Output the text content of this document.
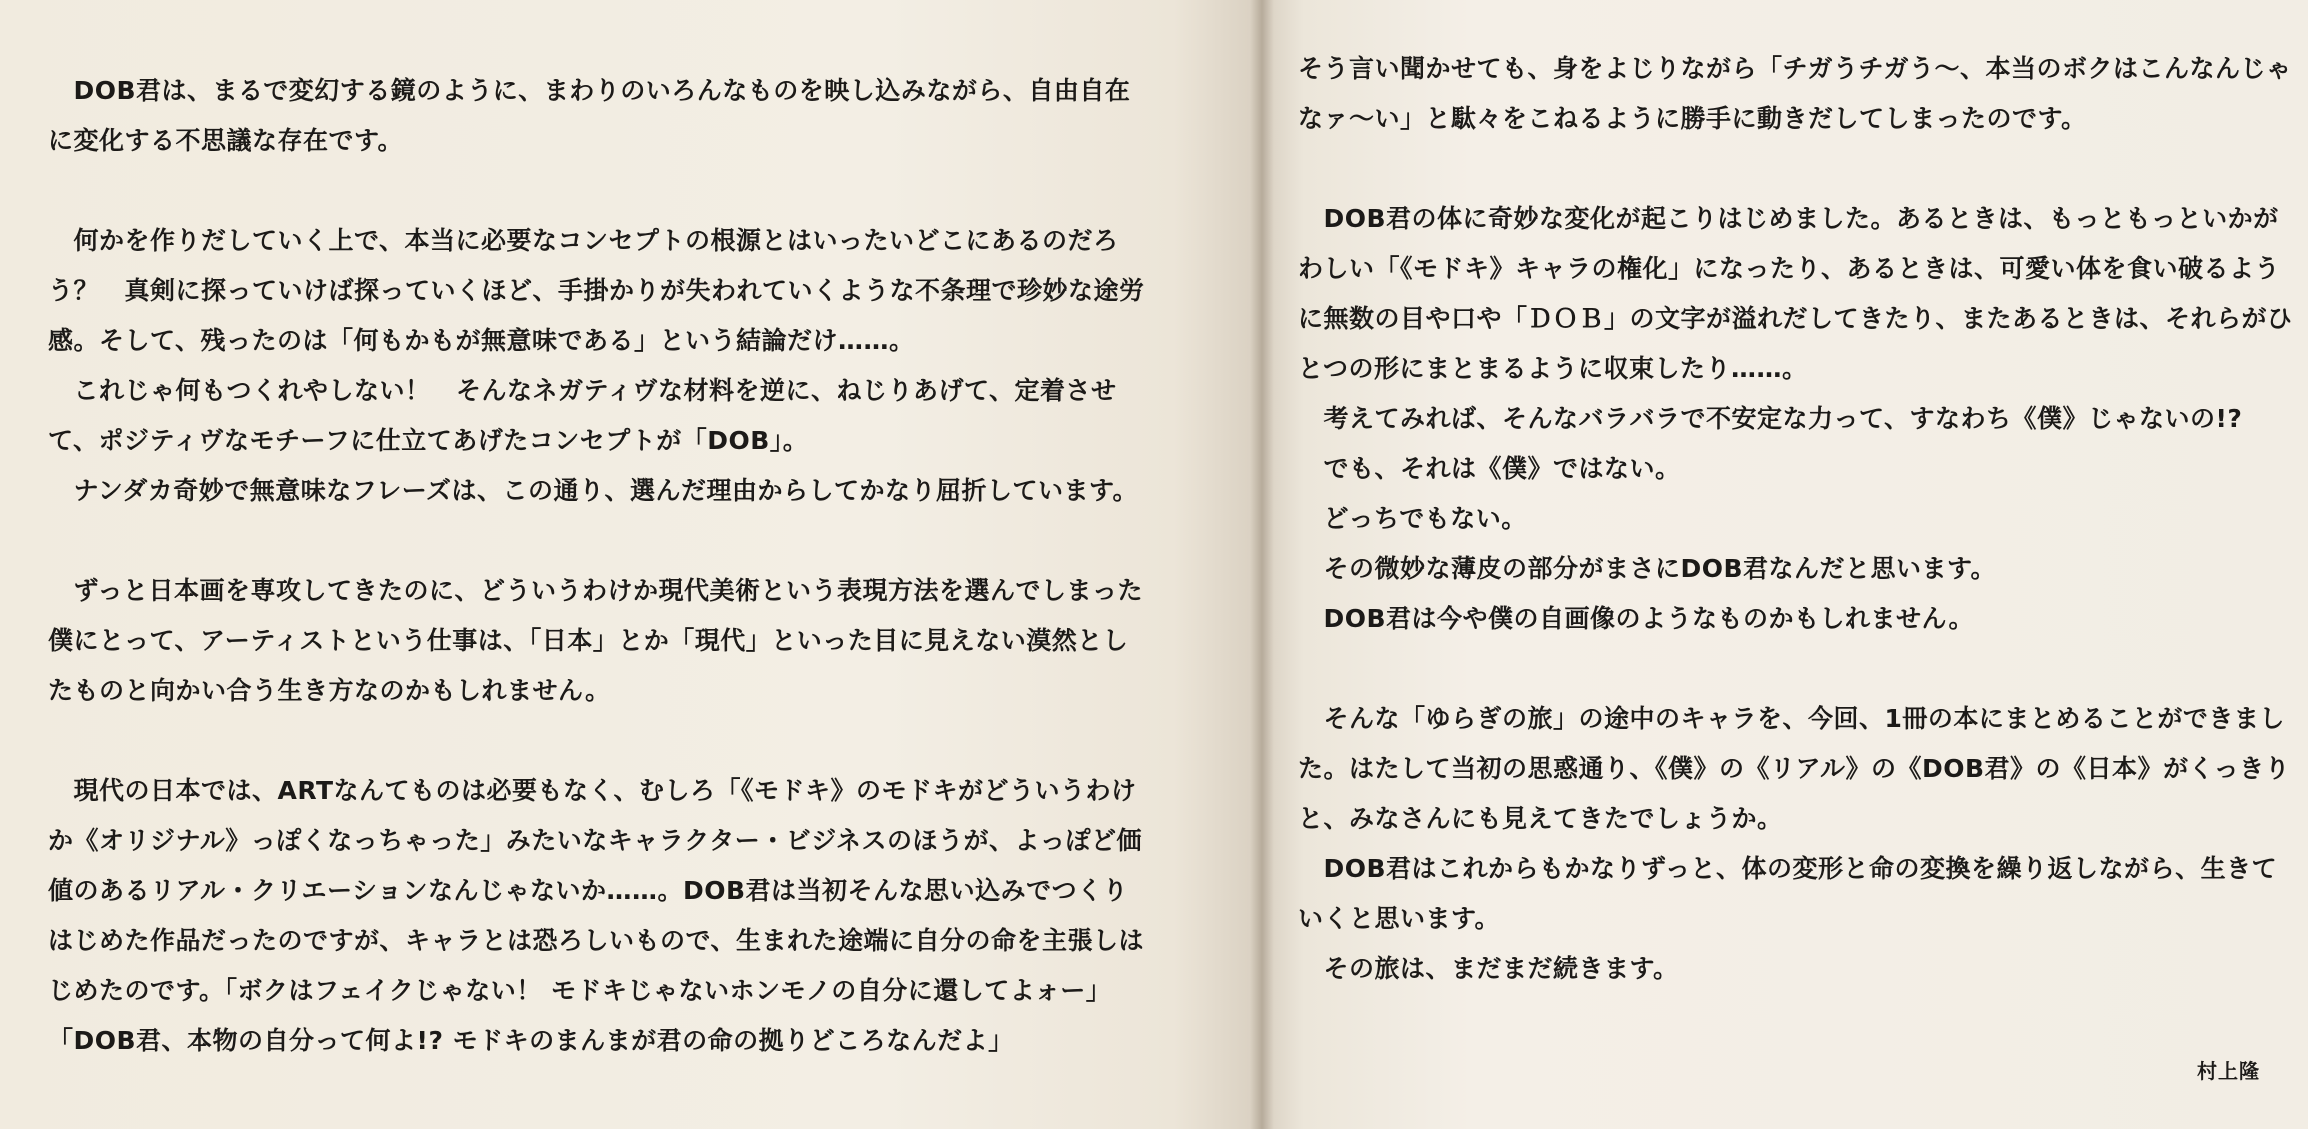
　DOB君は、まるで変幻する鏡のように、まわりのいろんなものを映し込みながら、自由自在に変化する不思議な存在です。

　何かを作りだしていく上で、本当に必要なコンセプトの根源とはいったいどこにあるのだろう？　真剣に探っていけば探っていくほど、手掛かりが失われていくような不条理で珍妙な途労感。そして、残ったのは「何もかもが無意味である」という結論だけ……。

　これじゃ何もつくれやしない！　そんなネガティヴな材料を逆に、ねじりあげて、定着させて、ポジティヴなモチーフに仕立てあげたコンセプトが「DOB」。

　ナンダカ奇妙で無意味なフレーズは、この通り、選んだ理由からしてかなり屈折しています。

　ずっと日本画を専攻してきたのに、どういうわけか現代美術という表現方法を選んでしまった僕にとって、アーティストという仕事は、「日本」とか「現代」といった目に見えない漠然としたものと向かい合う生き方なのかもしれません。

　現代の日本では、ARTなんてものは必要もなく、むしろ「《モドキ》のモドキがどういうわけか《オリジナル》っぽくなっちゃった」みたいなキャラクター・ビジネスのほうが、よっぽど価値のあるリアル・クリエーションなんじゃないか……。DOB君は当初そんな思い込みでつくりはじめた作品だったのですが、キャラとは恐ろしいもので、生まれた途端に自分の命を主張しはじめたのです。「ボクはフェイクじゃない！ モドキじゃないホンモノの自分に還してよォー」

「DOB君、本物の自分って何よ!? モドキのまんまが君の命の拠りどころなんだよ」

そう言い聞かせても、身をよじりながら「チガうチガう〜、本当のボクはこんなんじゃなァ〜い」と駄々をこねるように勝手に動きだしてしまったのです。

　DOB君の体に奇妙な変化が起こりはじめました。あるときは、もっともっといかがわしい「《モドキ》キャラの権化」になったり、あるときは、可愛い体を食い破るように無数の目や口や「ＤＯＢ」の文字が溢れだしてきたり、またあるときは、それらがひとつの形にまとまるように収束したり……。

　考えてみれば、そんなバラバラで不安定な力って、すなわち《僕》じゃないの!?

　でも、それは《僕》ではない。

　どっちでもない。

　その微妙な薄皮の部分がまさにDOB君なんだと思います。

　DOB君は今や僕の自画像のようなものかもしれません。

　そんな「ゆらぎの旅」の途中のキャラを、今回、1冊の本にまとめることができました。はたして当初の思惑通り、《僕》の《リアル》の《DOB君》の《日本》がくっきりと、みなさんにも見えてきたでしょうか。

　DOB君はこれからもかなりずっと、体の変形と命の変換を繰り返しながら、生きていくと思います。

　その旅は、まだまだ続きます。

村上隆
